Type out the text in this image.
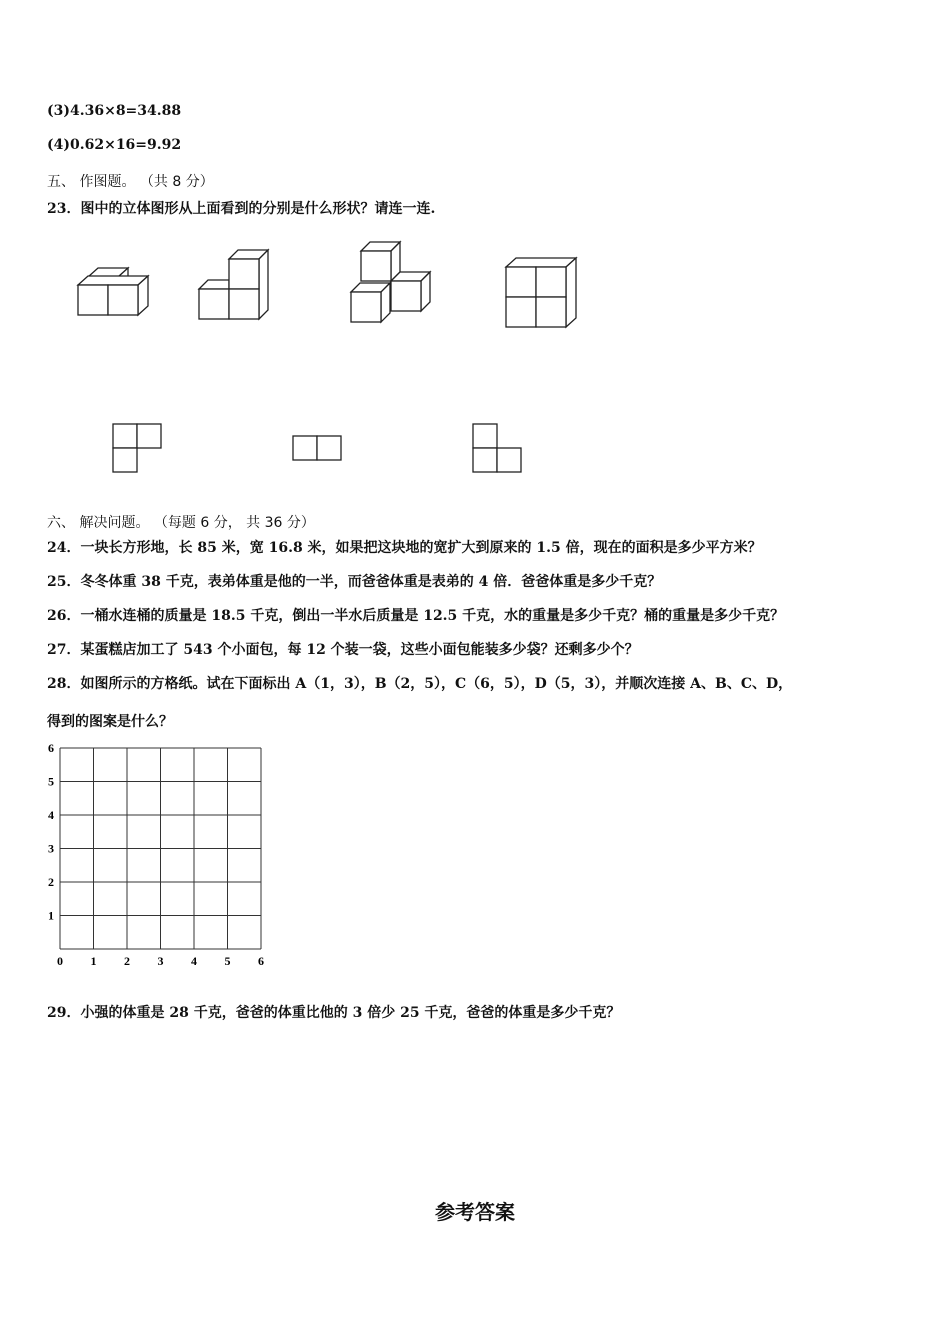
(3)4.36×8=34.88
(4)0.62×16=9.92
五、 作图题。 （共 8 分）
23．图中的立体图形从上面看到的分别是什么形状？请连一连.
六、 解决问题。 （每题 6 分， 共 36 分）
24．一块长方形地，长 85 米，宽 16.8 米，如果把这块地的宽扩大到原来的 1.5 倍，现在的面积是多少平方米？
25．冬冬体重 38 千克，表弟体重是他的一半，而爸爸体重是表弟的 4 倍．爸爸体重是多少千克？
26．一桶水连桶的质量是 18.5 千克，倒出一半水后质量是 12.5 千克，水的重量是多少千克？桶的重量是多少千克？
27．某蛋糕店加工了 543 个小面包，每 12 个装一袋，这些小面包能装多少袋？还剩多少个？
28．如图所示的方格纸。试在下面标出 A（1，3），B（2，5），C（6，5），D（5，3），并顺次连接 A、B、C、D，
得到的图案是什么？
0 1 2 3 4 5 6
1
2
3
4
5
6
29．小强的体重是 28 千克，爸爸的体重比他的 3 倍少 25 千克，爸爸的体重是多少千克？
参考答案
